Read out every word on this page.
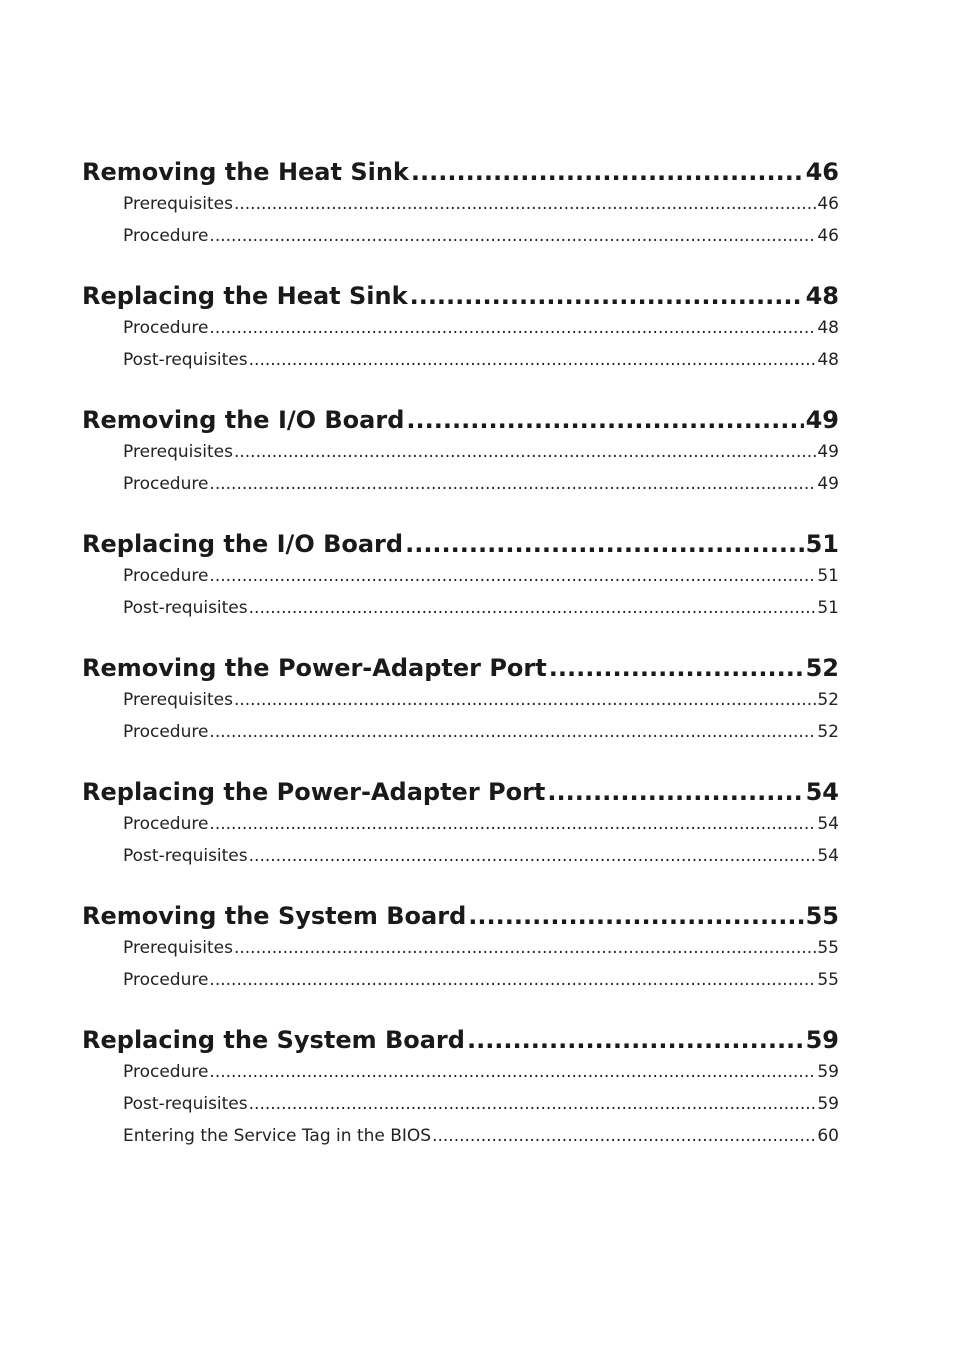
Removing the Heat Sink .....	46
Prerequisites .....	46
Procedure .....	46
Replacing the Heat Sink .....	48
Procedure .....	48
Post-requisites .....	48
Removing the I/O Board .....	49
Prerequisites .....	49
Procedure .....	49
Replacing the I/O Board .....	51
Procedure .....	51
Post-requisites .....	51
Removing the Power-Adapter Port .....	52
Prerequisites .....	52
Procedure .....	52
Replacing the Power-Adapter Port .....	54
Procedure .....	54
Post-requisites .....	54
Removing the System Board .....	55
Prerequisites .....	55
Procedure .....	55
Replacing the System Board .....	59
Procedure .....	59
Post-requisites .....	59
Entering the Service Tag in the BIOS .....	60
